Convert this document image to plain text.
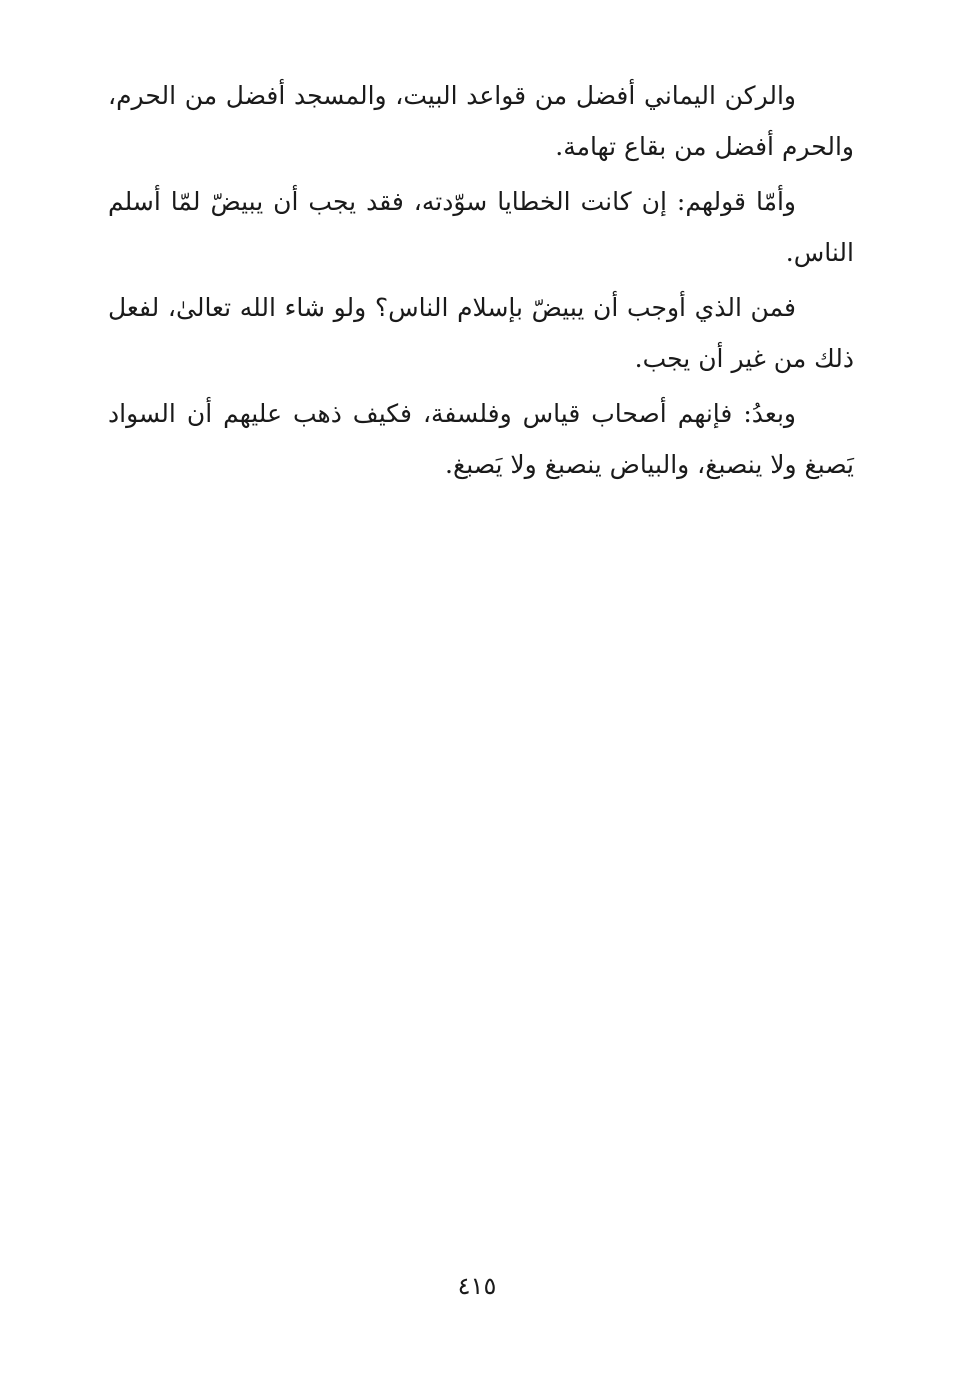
والركن اليماني أفضل من قواعد البيت، والمسجد أفضل من الحرم، والحرم أفضل من بقاع تهامة.

وأمّا قولهم: إن كانت الخطايا سوّدته، فقد يجب أن يبيضّ لمّا أسلم الناس.

فمن الذي أوجب أن يبيضّ بإسلام الناس؟ ولو شاء الله تعالىٰ، لفعل ذلك من غير أن يجب.

وبعدُ: فإنهم أصحاب قياس وفلسفة، فكيف ذهب عليهم أن السواد يَصبغ ولا ينصبغ، والبياض ينصبغ ولا يَصبغ.

٤١٥
